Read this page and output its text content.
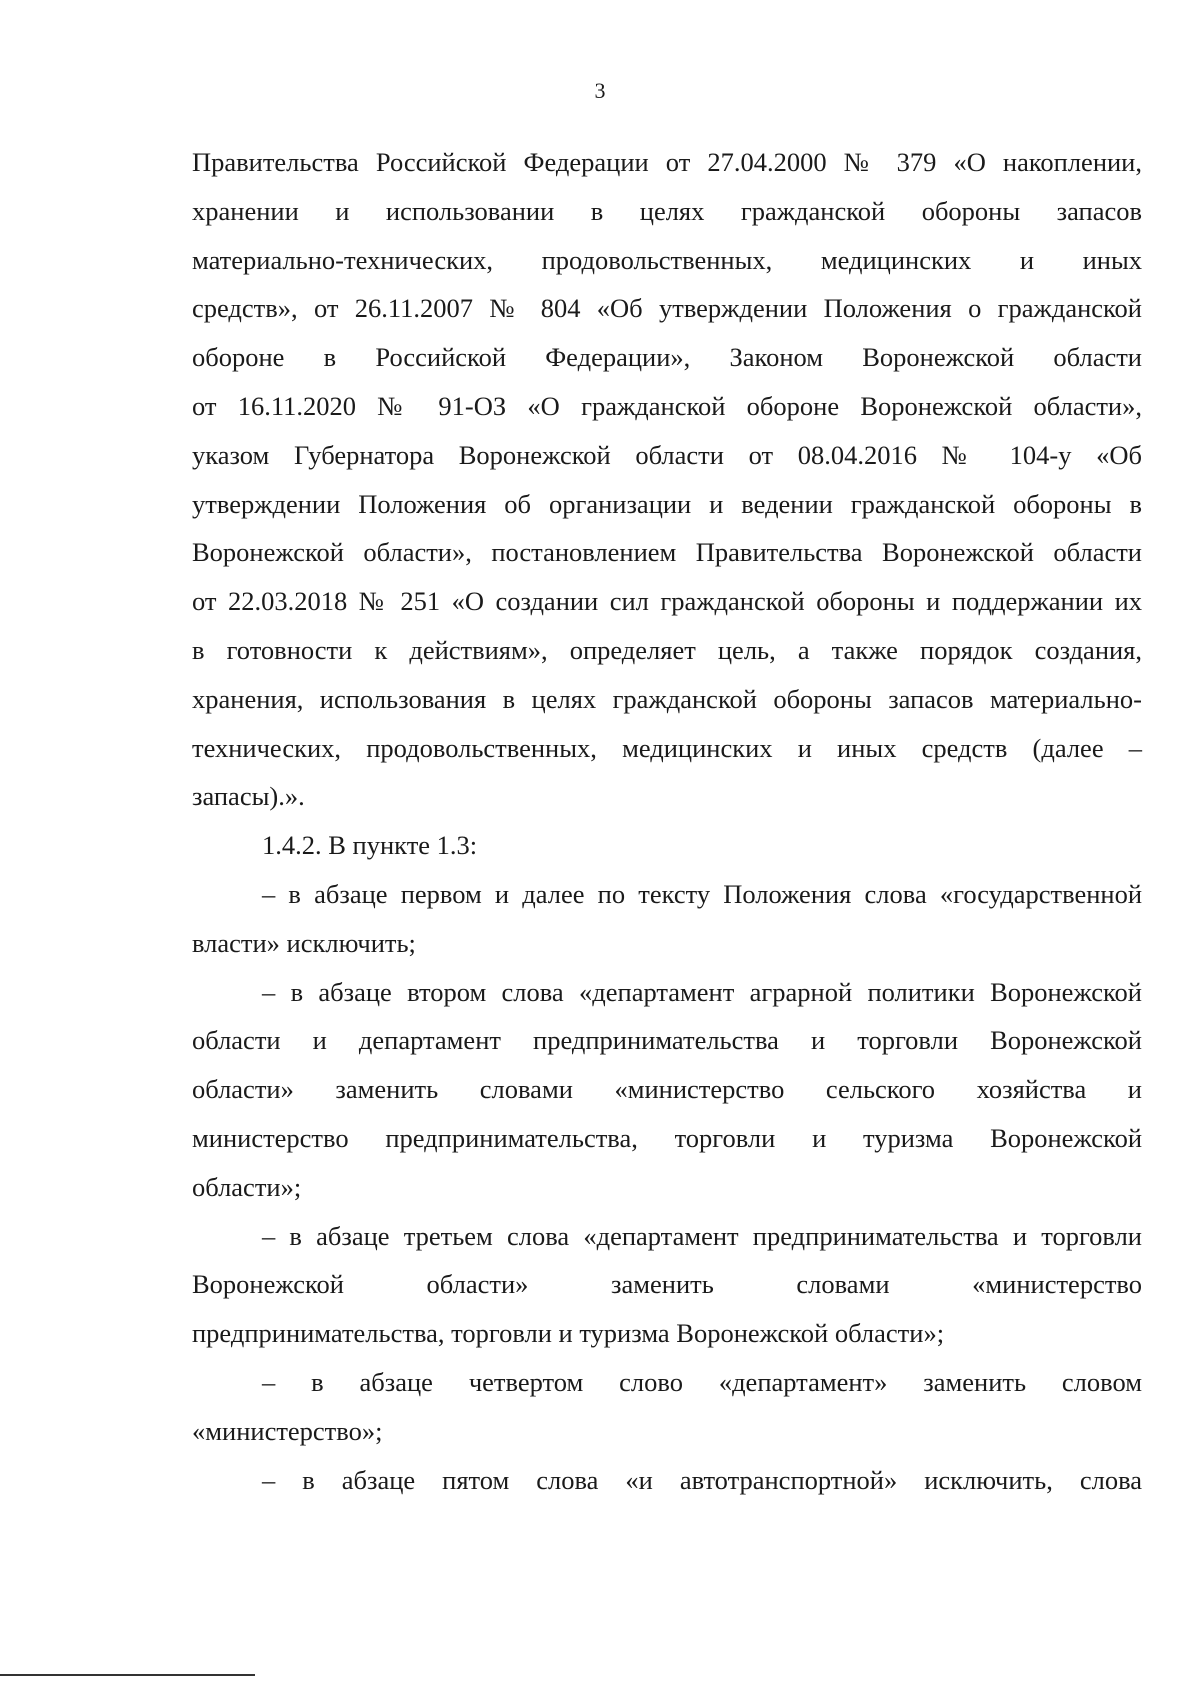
3
Правительства Российской Федерации от 27.04.2000 № 379 «О накоплении,
хранении и использовании в целях гражданской обороны запасов
материально-технических, продовольственных, медицинских и иных
средств», от 26.11.2007 № 804 «Об утверждении Положения о гражданской
обороне в Российской Федерации», Законом Воронежской области
от 16.11.2020 № 91-ОЗ «О гражданской обороне Воронежской области»,
указом Губернатора Воронежской области от 08.04.2016 № 104-у «Об
утверждении Положения об организации и ведении гражданской обороны в
Воронежской области», постановлением Правительства Воронежской области
от 22.03.2018 № 251 «О создании сил гражданской обороны и поддержании их
в готовности к действиям», определяет цель, а также порядок создания,
хранения, использования в целях гражданской обороны запасов материально-
технических, продовольственных, медицинских и иных средств (далее –
запасы).».
1.4.2. В пункте 1.3:
– в абзаце первом и далее по тексту Положения слова «государственной
власти» исключить;
– в абзаце втором слова «департамент аграрной политики Воронежской
области и департамент предпринимательства и торговли Воронежской
области» заменить словами «министерство сельского хозяйства и
министерство предпринимательства, торговли и туризма Воронежской
области»;
– в абзаце третьем слова «департамент предпринимательства и торговли
Воронежской области» заменить словами «министерство
предпринимательства, торговли и туризма Воронежской области»;
– в абзаце четвертом слово «департамент» заменить словом
«министерство»;
– в абзаце пятом слова «и автотранспортной» исключить, слова
